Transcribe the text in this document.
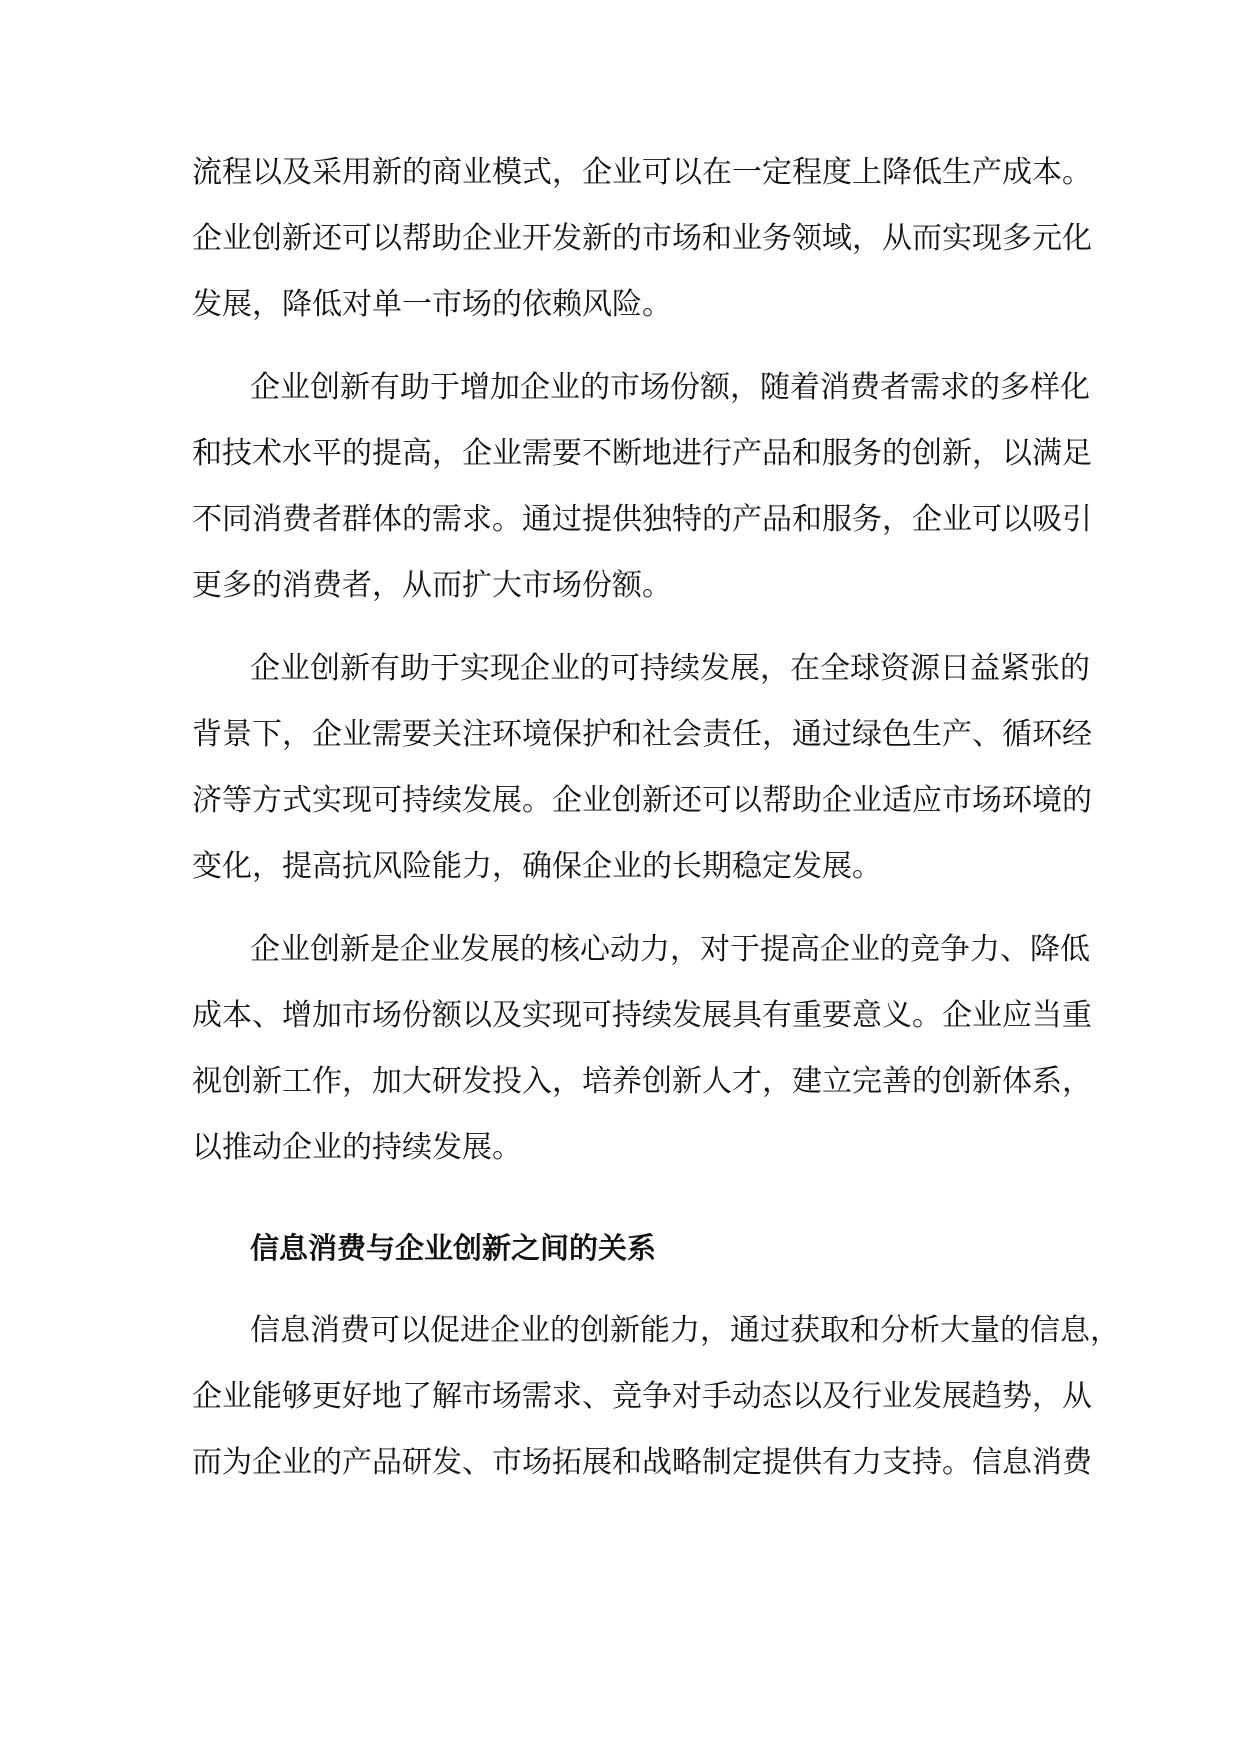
流程以及采用新的商业模式，企业可以在一定程度上降低生产成本。
企业创新还可以帮助企业开发新的市场和业务领域，从而实现多元化
发展，降低对单一市场的依赖风险。
企业创新有助于增加企业的市场份额，随着消费者需求的多样化
和技术水平的提高，企业需要不断地进行产品和服务的创新，以满足
不同消费者群体的需求。通过提供独特的产品和服务，企业可以吸引
更多的消费者，从而扩大市场份额。
企业创新有助于实现企业的可持续发展，在全球资源日益紧张的
背景下，企业需要关注环境保护和社会责任，通过绿色生产、循环经
济等方式实现可持续发展。企业创新还可以帮助企业适应市场环境的
变化，提高抗风险能力，确保企业的长期稳定发展。
企业创新是企业发展的核心动力，对于提高企业的竞争力、降低
成本、增加市场份额以及实现可持续发展具有重要意义。企业应当重
视创新工作，加大研发投入，培养创新人才，建立完善的创新体系，
以推动企业的持续发展。
信息消费与企业创新之间的关系
信息消费可以促进企业的创新能力，通过获取和分析大量的信息，
企业能够更好地了解市场需求、竞争对手动态以及行业发展趋势，从
而为企业的产品研发、市场拓展和战略制定提供有力支持。信息消费
